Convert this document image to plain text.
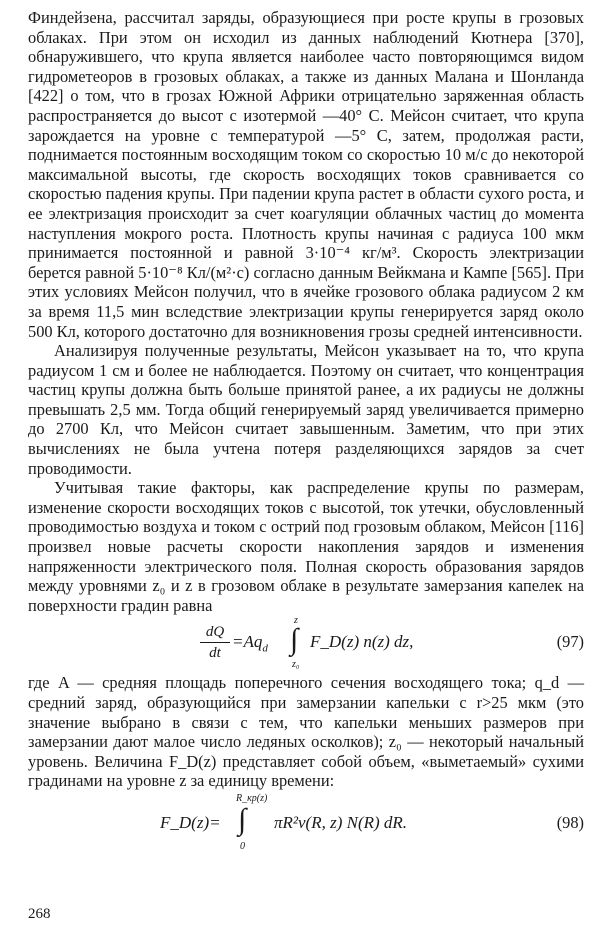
Финдейзена, рассчитал заряды, образующиеся при росте крупы в грозовых облаках. При этом он исходил из данных наблюдений Кютнера [370], обнаружившего, что крупа является наиболее часто повторяющимся видом гидрометеоров в грозовых облаках, а также из данных Малана и Шонланда [422] о том, что в грозах Южной Африки отрицательно заряженная область распространяется до высот с изотермой —40° С. Мейсон считает, что крупа зарождается на уровне с температурой —5° С, затем, продолжая расти, поднимается постоянным восходящим током со скоростью 10 м/с до некоторой максимальной высоты, где скорость восходящих токов сравнивается со скоростью падения крупы. При падении крупа растет в области сухого роста, и ее электризация происходит за счет коагуляции облачных частиц до момента наступления мокрого роста. Плотность крупы начиная с радиуса 100 мкм принимается постоянной и равной 3·10⁻⁴ кг/м³. Скорость электризации берется равной 5·10⁻⁸ Кл/(м²·с) согласно данным Вейкмана и Кампе [565]. При этих условиях Мейсон получил, что в ячейке грозового облака радиусом 2 км за время 11,5 мин вследствие электризации крупы генерируется заряд около 500 Кл, которого достаточно для возникновения грозы средней интенсивности.

Анализируя полученные результаты, Мейсон указывает на то, что крупа радиусом 1 см и более не наблюдается. Поэтому он считает, что концентрация частиц крупы должна быть больше принятой ранее, а их радиусы не должны превышать 2,5 мм. Тогда общий генерируемый заряд увеличивается примерно до 2700 Кл, что Мейсон считает завышенным. Заметим, что при этих вычислениях не была учтена потеря разделяющихся зарядов за счет проводимости.

Учитывая такие факторы, как распределение крупы по размерам, изменение скорости восходящих токов с высотой, ток утечки, обусловленный проводимостью воздуха и током с острий под грозовым облаком, Мейсон [116] произвел новые расчеты скорости накопления зарядов и изменения напряженности электрического поля. Полная скорость образования зарядов между уровнями z₀ и z в грозовом облаке в результате замерзания капелек на поверхности градин равна

dQ
dt
$=Aq_d$
z
∫
z₀
F_D(z) n(z) dz,	(97)

где A — средняя площадь поперечного сечения восходящего тока; q_d — средний заряд, образующийся при замерзании капельки с r>25 мкм (это значение выбрано в связи с тем, что капельки меньших размеров при замерзании дают малое число ледяных осколков); z₀ — некоторый начальный уровень. Величина F_D(z) представляет собой объем, «выметаемый» сухими градинами на уровне z за единицу времени:

F_D(z)=
R_кр(z)
∫
0
πR²v(R, z) N(R) dR.	(98)
268
